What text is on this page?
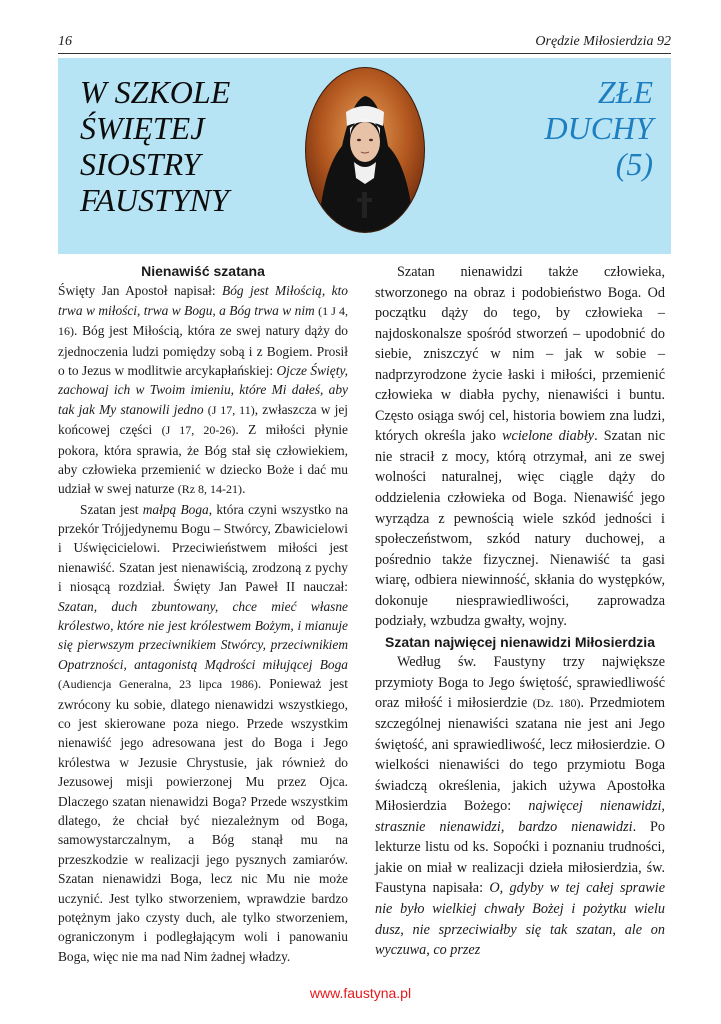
16	Orędzie Miłosierdzia 92
W SZKOLE
ŚWIĘTEJ
SIOSTRY
FAUSTYNY
ZŁE
DUCHY
(5)
Nienawiść szatana

Święty Jan Apostoł napisał: Bóg jest Miłością, kto trwa w miłości, trwa w Bogu, a Bóg trwa w nim (1 J 4, 16). Bóg jest Miłością, która ze swej natury dąży do zjednoczenia ludzi pomiędzy sobą i z Bogiem. Prosił o to Jezus w modlitwie arcykapłańskiej: Ojcze Święty, zachowaj ich w Twoim imieniu, które Mi dałeś, aby tak jak My stanowili jedno (J 17, 11), zwłaszcza w jej końcowej części (J 17, 20-26). Z miłości płynie pokora, która sprawia, że Bóg stał się człowiekiem, aby człowieka przemienić w dziecko Boże i dać mu udział w swej naturze (Rz 8, 14-21).

Szatan jest małpą Boga, która czyni wszystko na przekór Trójjedynemu Bogu – Stwórcy, Zbawicielowi i Uświęcicielowi. Przeciwieństwem miłości jest nienawiść. Szatan jest nienawiścią, zrodzoną z pychy i niosącą rozdział. Święty Jan Paweł II nauczał: Szatan, duch zbuntowany, chce mieć własne królestwo, które nie jest królestwem Bożym, i mianuje się pierwszym przeciwnikiem Stwórcy, przeciwnikiem Opatrzności, antagonistą Mądrości miłującej Boga (Audiencja Generalna, 23 lipca 1986). Ponieważ jest zwrócony ku sobie, dlatego nienawidzi wszystkiego, co jest skierowane poza niego. Przede wszystkim nienawiść jego adresowana jest do Boga i Jego królestwa w Jezusie Chrystusie, jak również do Jezusowej misji powierzonej Mu przez Ojca. Dlaczego szatan nienawidzi Boga? Przede wszystkim dlatego, że chciał być niezależnym od Boga, samowystarczalnym, a Bóg stanął mu na przeszkodzie w realizacji jego pysznych zamiarów. Szatan nienawidzi Boga, lecz nic Mu nie może uczynić. Jest tylko stworzeniem, wprawdzie bardzo potężnym jako czysty duch, ale tylko stworzeniem, ograniczonym i podległającym woli i panowaniu Boga, więc nie ma nad Nim żadnej władzy.

Szatan nienawidzi także człowieka, stworzonego na obraz i podobieństwo Boga. Od początku dąży do tego, by człowieka – najdoskonalsze spośród stworzeń – upodobnić do siebie, zniszczyć w nim – jak w sobie – nadprzyrodzone życie łaski i miłości, przemienić człowieka w diabła pychy, nienawiści i buntu. Często osiąga swój cel, historia bowiem zna ludzi, których określa jako wcielone diabły. Szatan nic nie stracił z mocy, którą otrzymał, ani ze swej wolności naturalnej, więc ciągle dąży do oddzielenia człowieka od Boga. Nienawiść jego wyrządza z pewnością wiele szkód jedności i społeczeństwom, szkód natury duchowej, a pośrednio także fizycznej. Nienawiść ta gasi wiarę, odbiera niewinność, skłania do występków, dokonuje niesprawiedliwości, zaprowadza podziały, wzbudza gwałty, wojny.

Szatan najwięcej nienawidzi Miłosierdzia

Według św. Faustyny trzy największe przymioty Boga to Jego świętość, sprawiedliwość oraz miłość i miłosierdzie (Dz. 180). Przedmiotem szczególnej nienawiści szatana nie jest ani Jego świętość, ani sprawiedliwość, lecz miłosierdzie. O wielkości nienawiści do tego przymiotu Boga świadczą określenia, jakich używa Apostołka Miłosierdzia Bożego: najwięcej nienawidzi, strasznie nienawidzi, bardzo nienawidzi. Po lekturze listu od ks. Sopoćki i poznaniu trudności, jakie on miał w realizacji dzieła miłosierdzia, św. Faustyna napisała: O, gdyby w tej całej sprawie nie było wielkiej chwały Bożej i pożytku wielu dusz, nie sprzeciwiałby się tak szatan, ale on wyczuwa, co przez

www.faustyna.pl
